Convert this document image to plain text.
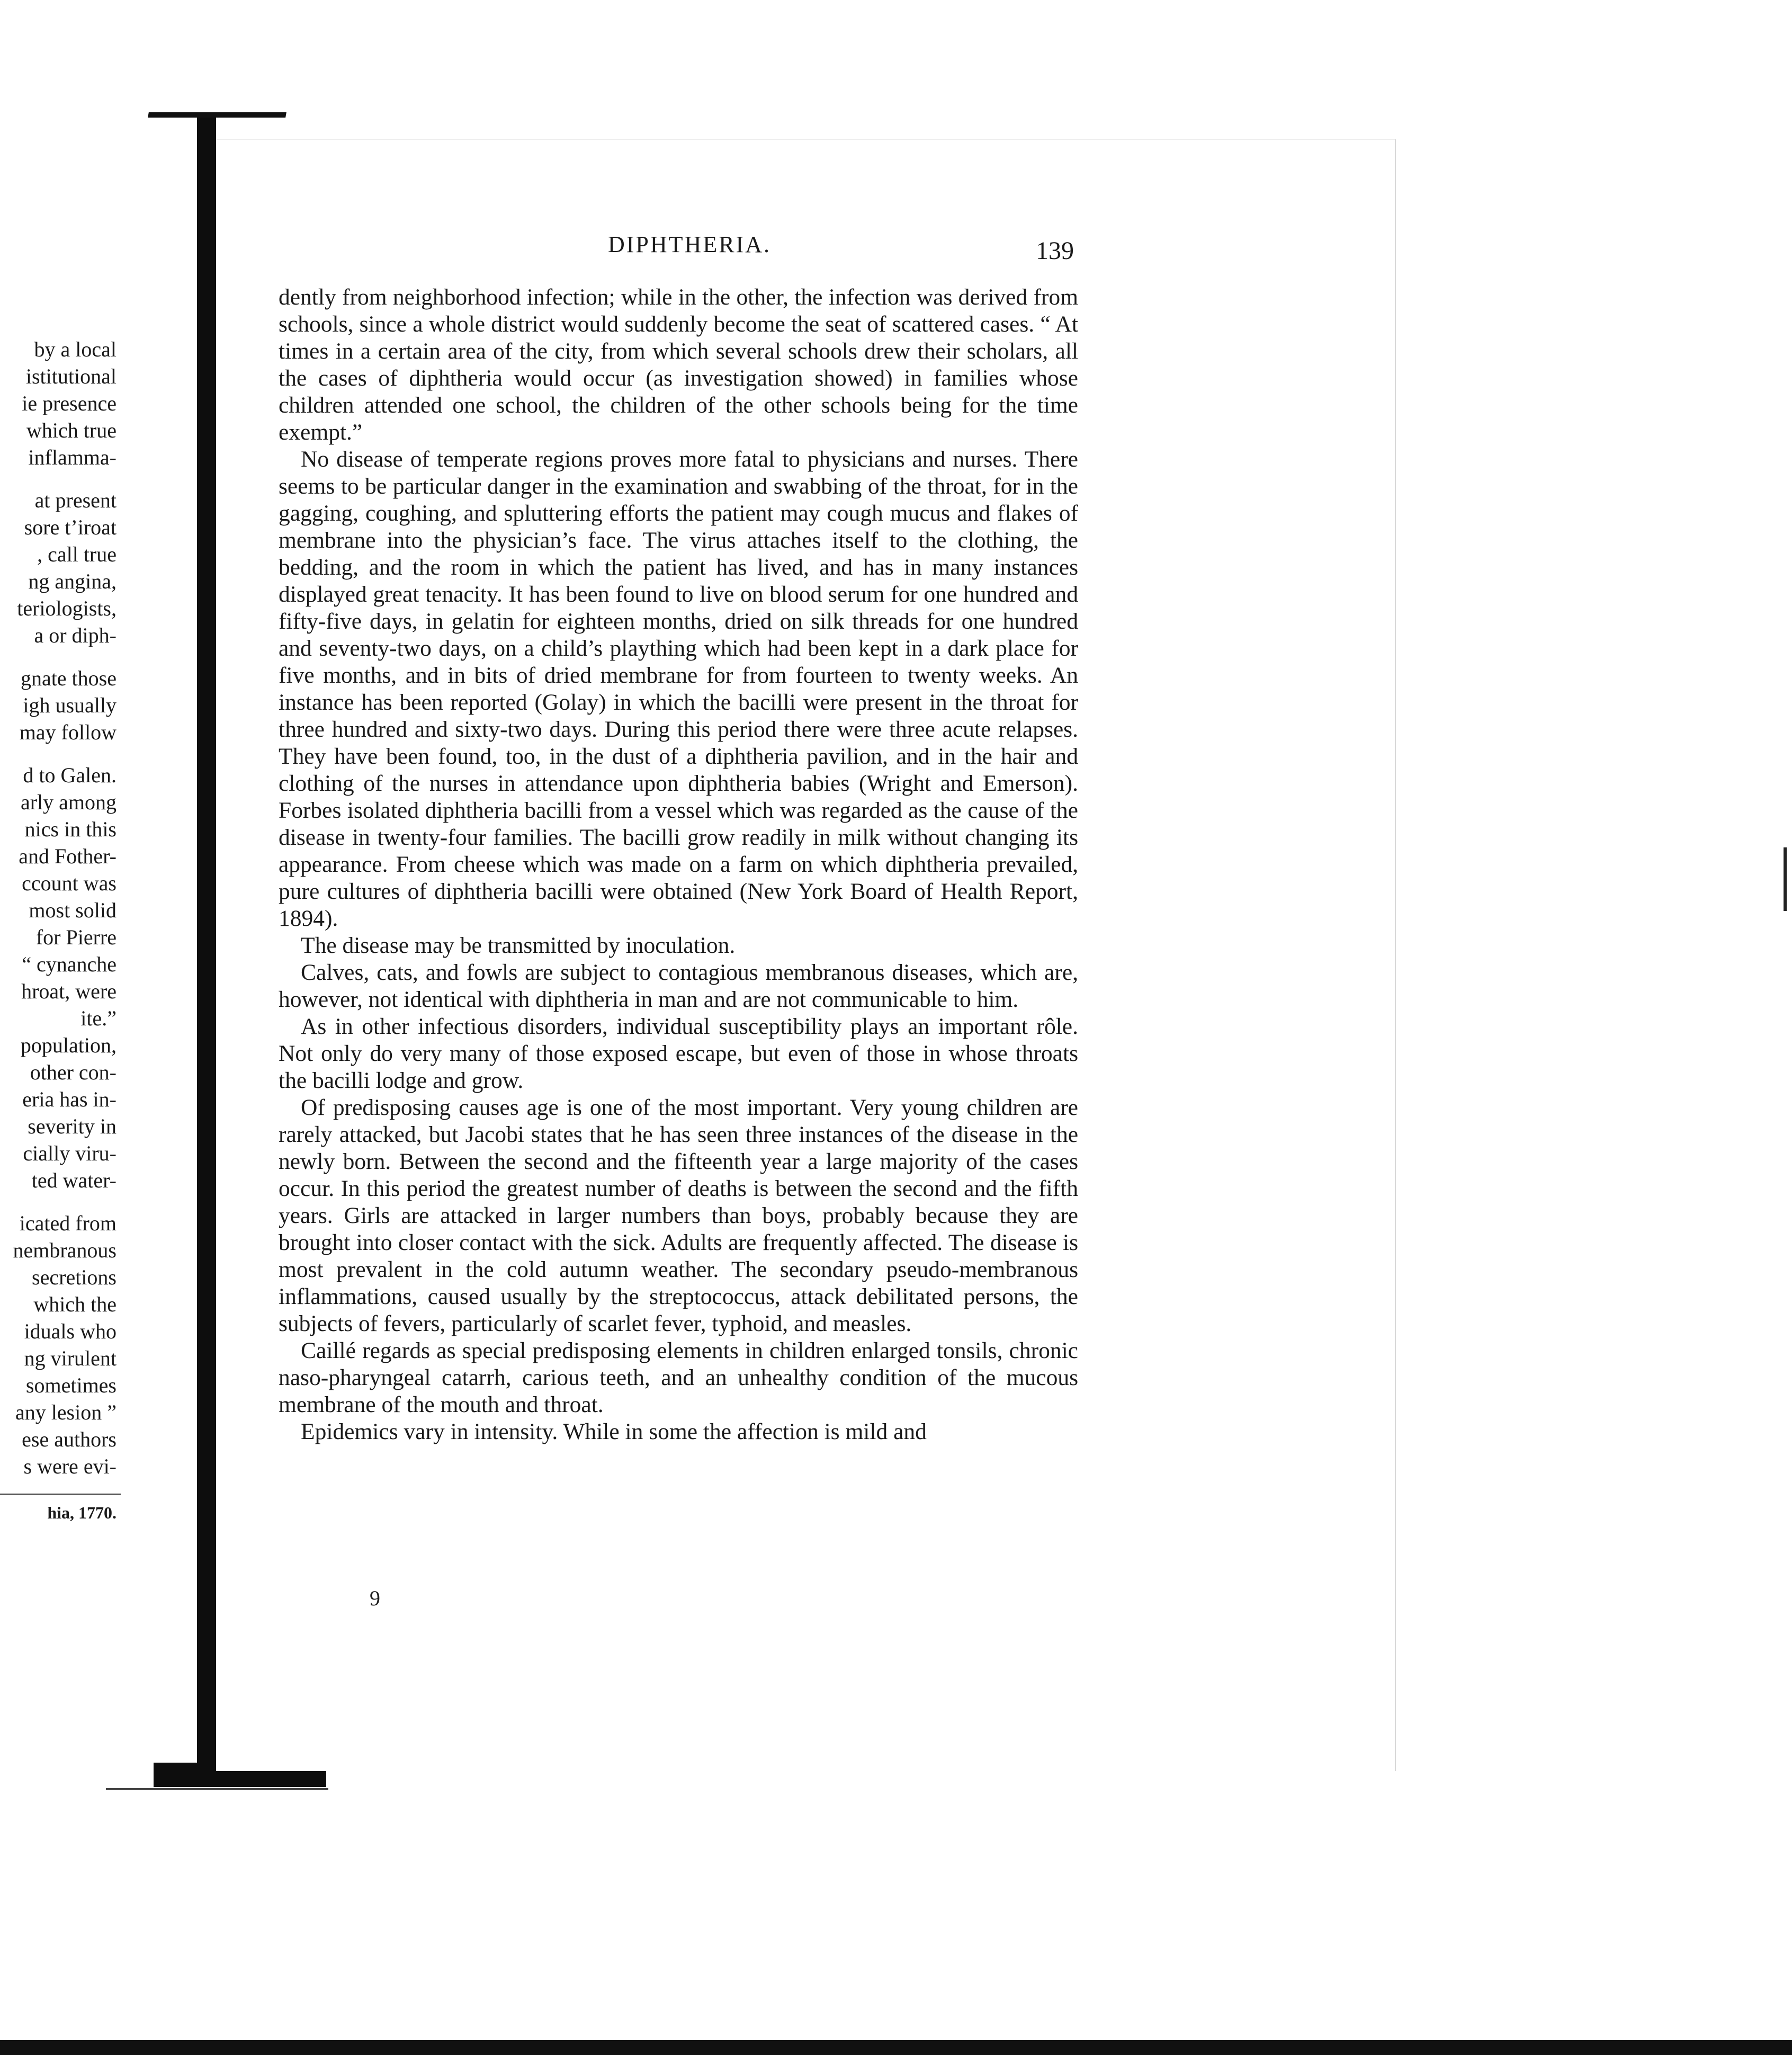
by a local
istitutional
ie presence
which true
inflamma-
at present
sore t’iroat
, call true
ng angina,
teriologists,
a or diph-
gnate those
igh usually
may follow
d to Galen.
arly among
nics in this
and Fother-
ccount was
most solid
for Pierre
“ cynanche
hroat, were
ite.”
population,
other con-
eria has in-
severity in
cially viru-
ted water-
icated from
nembranous
secretions
which the
iduals who
ng virulent
sometimes
any lesion ”
ese authors
s were evi-
hia, 1770.
DIPHTHERIA.	139

dently from neighborhood infection; while in the other, the infection was derived from schools, since a whole district would suddenly become the seat of scattered cases. “ At times in a certain area of the city, from which several schools drew their scholars, all the cases of diphtheria would occur (as investigation showed) in families whose children attended one school, the children of the other schools being for the time exempt.”

No disease of temperate regions proves more fatal to physicians and nurses. There seems to be particular danger in the examination and swabbing of the throat, for in the gagging, coughing, and spluttering efforts the patient may cough mucus and flakes of membrane into the physician’s face. The virus attaches itself to the clothing, the bedding, and the room in which the patient has lived, and has in many instances displayed great tenacity. It has been found to live on blood serum for one hundred and fifty-five days, in gelatin for eighteen months, dried on silk threads for one hundred and seventy-two days, on a child’s plaything which had been kept in a dark place for five months, and in bits of dried membrane for from fourteen to twenty weeks. An instance has been reported (Golay) in which the bacilli were present in the throat for three hundred and sixty-two days. During this period there were three acute relapses. They have been found, too, in the dust of a diphtheria pavilion, and in the hair and clothing of the nurses in attendance upon diphtheria babies (Wright and Emerson). Forbes isolated diphtheria bacilli from a vessel which was regarded as the cause of the disease in twenty-four families. The bacilli grow readily in milk without changing its appearance. From cheese which was made on a farm on which diphtheria prevailed, pure cultures of diphtheria bacilli were obtained (New York Board of Health Report, 1894).

The disease may be transmitted by inoculation.

Calves, cats, and fowls are subject to contagious membranous diseases, which are, however, not identical with diphtheria in man and are not communicable to him.

As in other infectious disorders, individual susceptibility plays an important rôle. Not only do very many of those exposed escape, but even of those in whose throats the bacilli lodge and grow.

Of predisposing causes age is one of the most important. Very young children are rarely attacked, but Jacobi states that he has seen three instances of the disease in the newly born. Between the second and the fifteenth year a large majority of the cases occur. In this period the greatest number of deaths is between the second and the fifth years. Girls are attacked in larger numbers than boys, probably because they are brought into closer contact with the sick. Adults are frequently affected. The disease is most prevalent in the cold autumn weather. The secondary pseudo-membranous inflammations, caused usually by the streptococcus, attack debilitated persons, the subjects of fevers, particularly of scarlet fever, typhoid, and measles.

Caillé regards as special predisposing elements in children enlarged tonsils, chronic naso-pharyngeal catarrh, carious teeth, and an unhealthy condition of the mucous membrane of the mouth and throat.

Epidemics vary in intensity. While in some the affection is mild and

9
